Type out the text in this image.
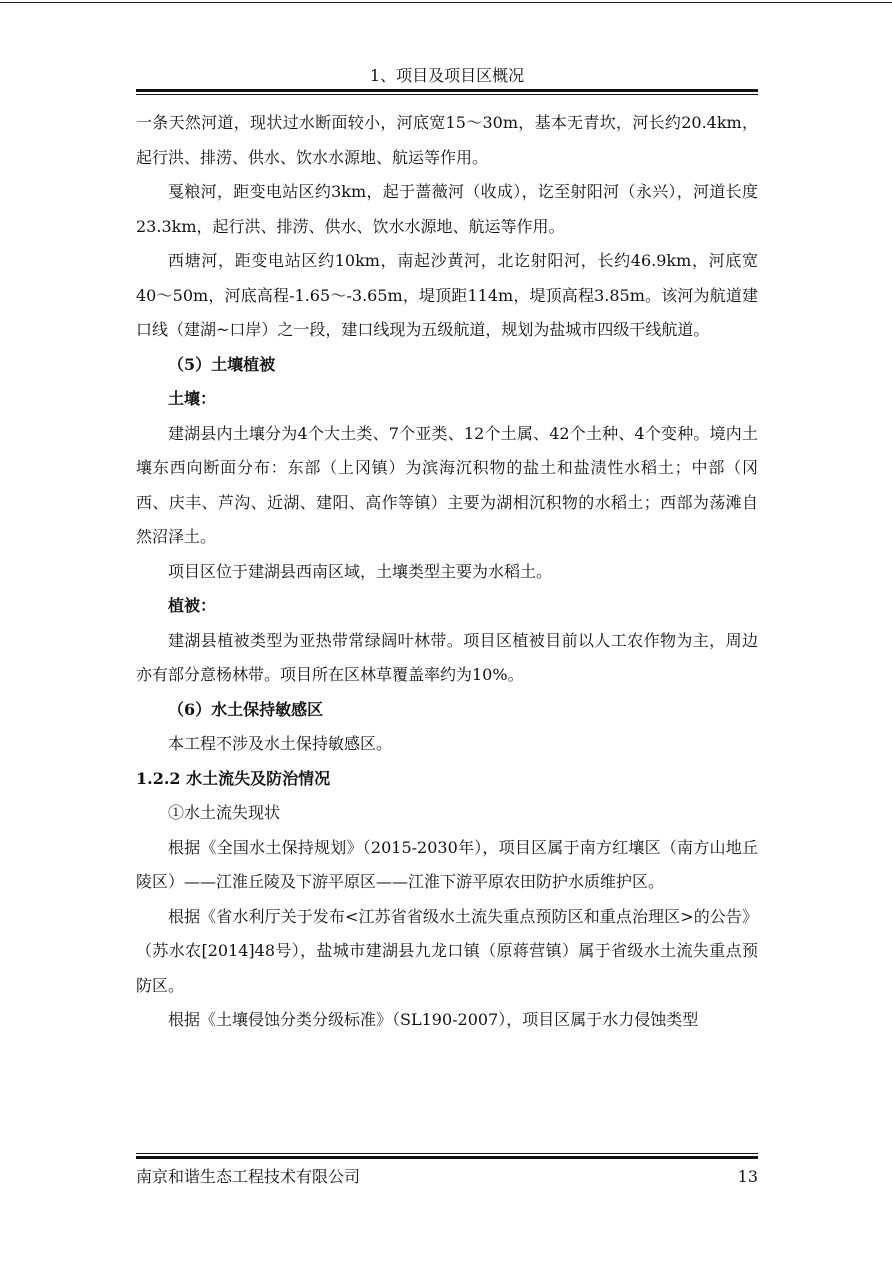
1、项目及项目区概况

一条天然河道，现状过水断面较小，河底宽15～30m，基本无青坎，河长约20.4km，起行洪、排涝、供水、饮水水源地、航运等作用。

戛粮河，距变电站区约3km，起于蔷薇河（收成），讫至射阳河（永兴），河道长度23.3km，起行洪、排涝、供水、饮水水源地、航运等作用。

西塘河，距变电站区约10km，南起沙黄河，北讫射阳河，长约46.9km，河底宽40～50m，河底高程-1.65～-3.65m，堤顶距114m，堤顶高程3.85m。该河为航道建口线（建湖~口岸）之一段，建口线现为五级航道，规划为盐城市四级干线航道。

（5）土壤植被

土壤：

建湖县内土壤分为4个大土类、7个亚类、12个土属、42个土种、4个变种。境内土壤东西向断面分布：东部（上冈镇）为滨海沉积物的盐土和盐渍性水稻土；中部（冈西、庆丰、芦沟、近湖、建阳、高作等镇）主要为湖相沉积物的水稻土；西部为荡滩自然沼泽土。

项目区位于建湖县西南区域，土壤类型主要为水稻土。

植被：

建湖县植被类型为亚热带常绿阔叶林带。项目区植被目前以人工农作物为主，周边亦有部分意杨林带。项目所在区林草覆盖率约为10%。

（6）水土保持敏感区

本工程不涉及水土保持敏感区。

1.2.2 水土流失及防治情况

①水土流失现状

根据《全国水土保持规划》（2015-2030年），项目区属于南方红壤区（南方山地丘陵区）——江淮丘陵及下游平原区——江淮下游平原农田防护水质维护区。

根据《省水利厅关于发布<江苏省省级水土流失重点预防区和重点治理区>的公告》（苏水农[2014]48号），盐城市建湖县九龙口镇（原蒋营镇）属于省级水土流失重点预防区。

根据《土壤侵蚀分类分级标准》（SL190-2007），项目区属于水力侵蚀类型

南京和谐生态工程技术有限公司	13
